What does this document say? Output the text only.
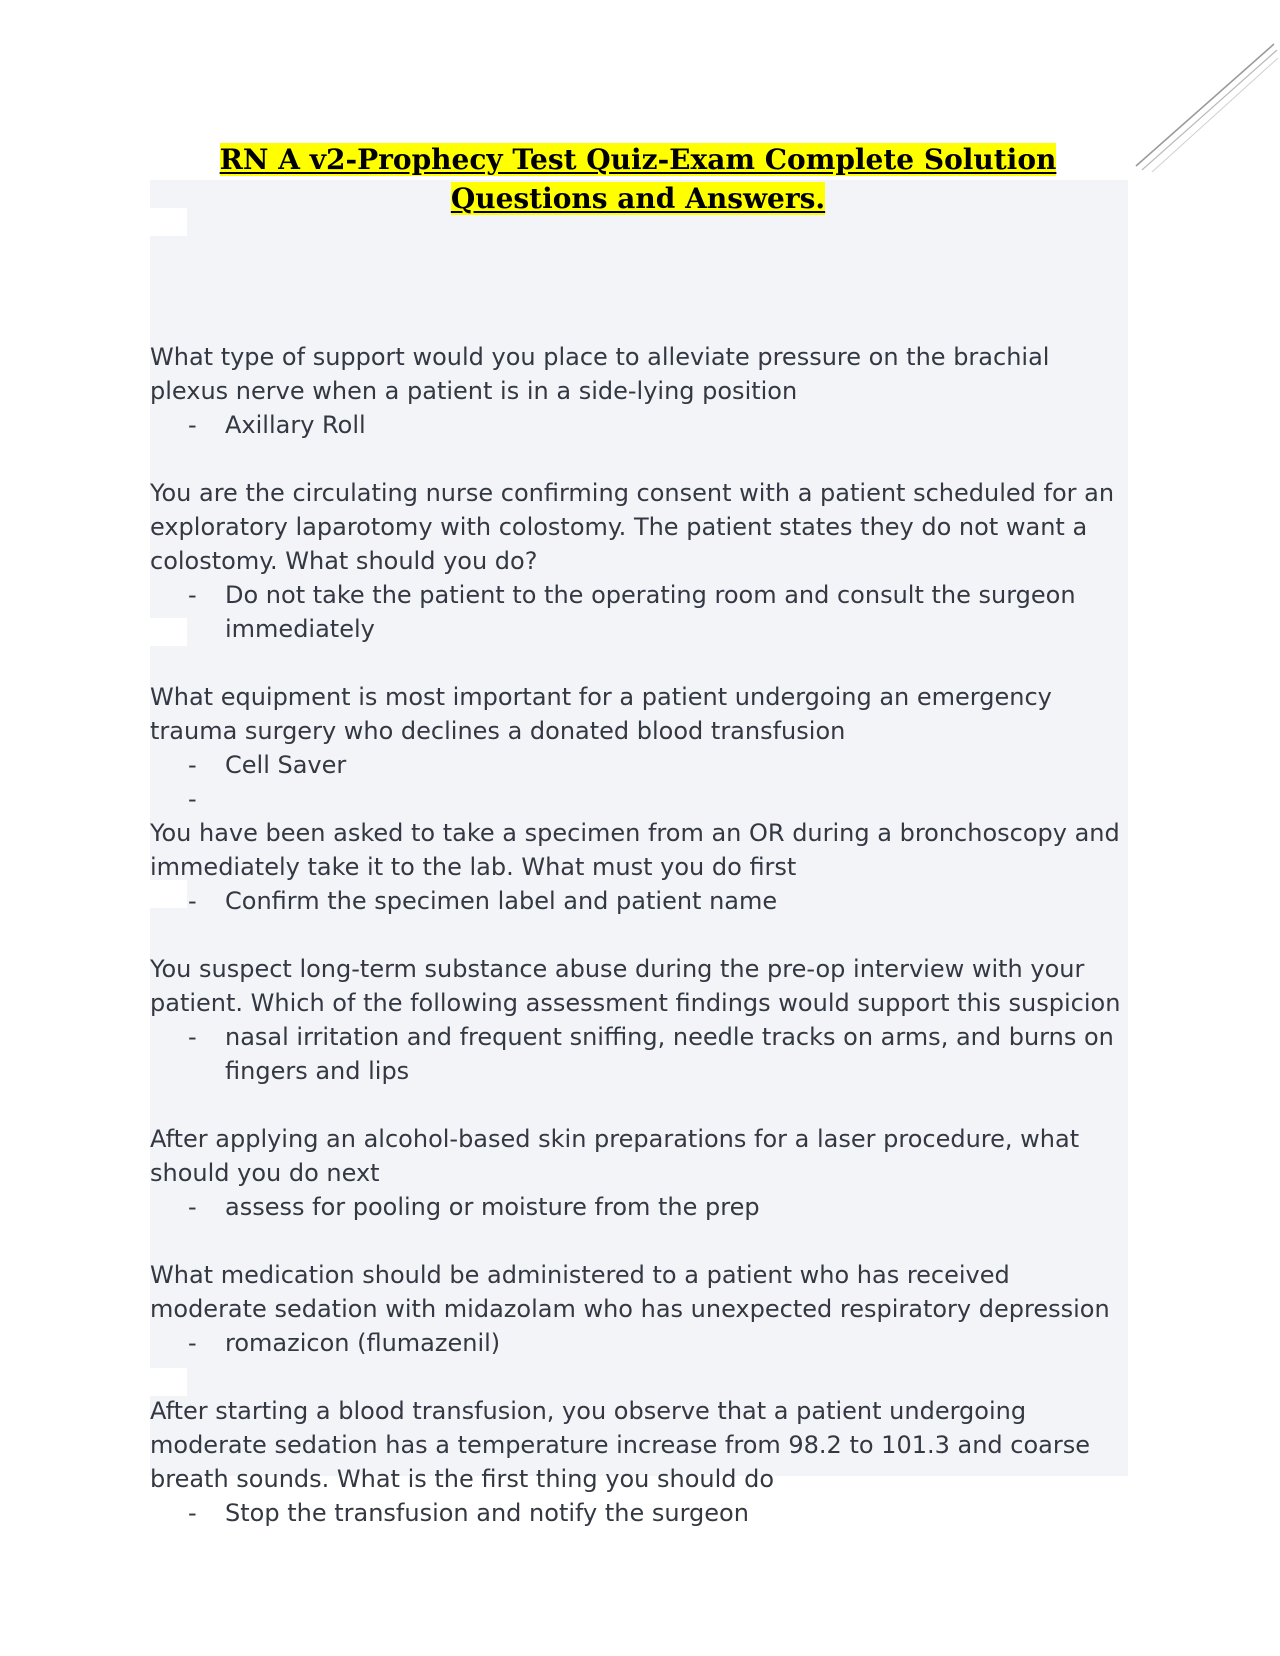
RN A v2-Prophecy Test Quiz-Exam Complete Solution Questions and Answers.

What type of support would you place to alleviate pressure on the brachial plexus nerve when a patient is in a side-lying position

- Axillary Roll

You are the circulating nurse confirming consent with a patient scheduled for an exploratory laparotomy with colostomy. The patient states they do not want a colostomy. What should you do?

- Do not take the patient to the operating room and consult the surgeon immediately

What equipment is most important for a patient undergoing an emergency trauma surgery who declines a donated blood transfusion

- Cell Saver

-

You have been asked to take a specimen from an OR during a bronchoscopy and immediately take it to the lab. What must you do first

- Confirm the specimen label and patient name

You suspect long-term substance abuse during the pre-op interview with your patient. Which of the following assessment findings would support this suspicion

- nasal irritation and frequent sniffing, needle tracks on arms, and burns on fingers and lips

After applying an alcohol-based skin preparations for a laser procedure, what should you do next

- assess for pooling or moisture from the prep

What medication should be administered to a patient who has received moderate sedation with midazolam who has unexpected respiratory depression

- romazicon (flumazenil)

After starting a blood transfusion, you observe that a patient undergoing moderate sedation has a temperature increase from 98.2 to 101.3 and coarse breath sounds. What is the first thing you should do

- Stop the transfusion and notify the surgeon
